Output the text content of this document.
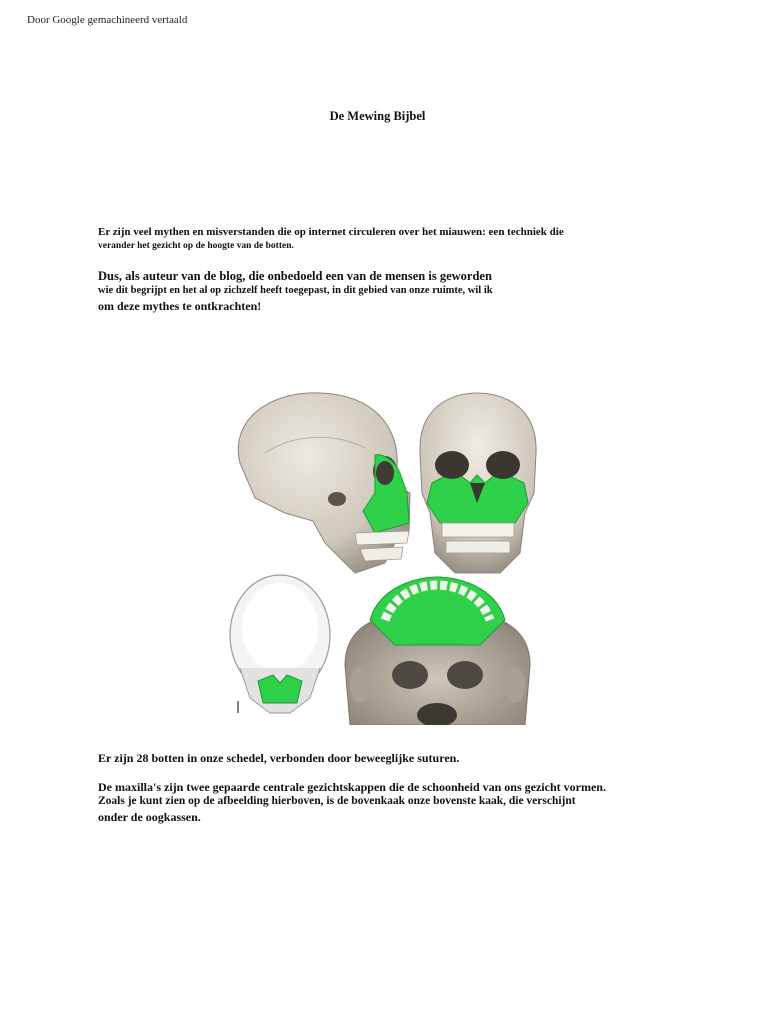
Door Google gemachineerd vertaald
De Mewing Bijbel
Er zijn veel mythen en misverstanden die op internet circuleren over het miauwen: een techniek die
verander het gezicht op de hoogte van de botten.
Dus, als auteur van de blog, die onbedoeld een van de mensen is geworden
wie dit begrijpt en het al op zichzelf heeft toegepast, in dit gebied van onze ruimte, wil ik
om deze mythes te ontkrachten!
Er zijn 28 botten in onze schedel, verbonden door beweeglijke suturen.
De maxilla's zijn twee gepaarde centrale gezichtskappen die de schoonheid van ons gezicht vormen.
Zoals je kunt zien op de afbeelding hierboven, is de bovenkaak onze bovenste kaak, die verschijnt
onder de oogkassen.
